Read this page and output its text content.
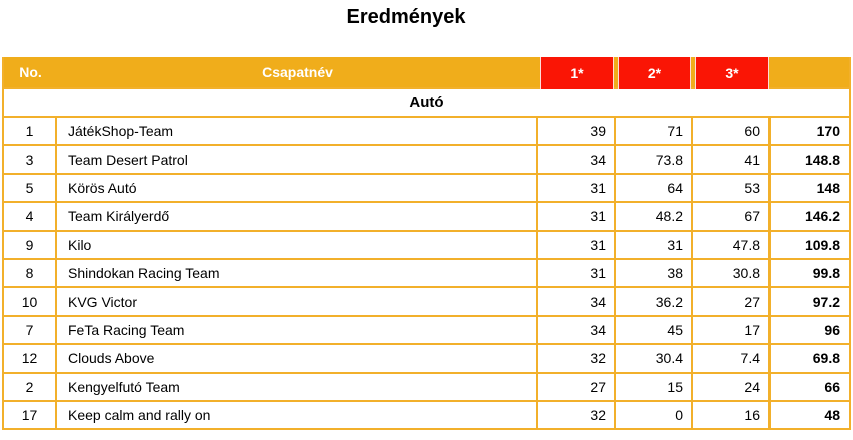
Eredmények
No.	Csapatnév	1*	2*	3*
Autó
1	JátékShop-Team	39	71	60	170
3	Team Desert Patrol	34	73.8	41	148.8
5	Körös Autó	31	64	53	148
4	Team Királyerdő	31	48.2	67	146.2
9	Kilo	31	31	47.8	109.8
8	Shindokan Racing Team	31	38	30.8	99.8
10	KVG Victor	34	36.2	27	97.2
7	FeTa Racing Team	34	45	17	96
12	Clouds Above	32	30.4	7.4	69.8
2	Kengyelfutó Team	27	15	24	66
17	Keep calm and rally on	32	0	16	48
